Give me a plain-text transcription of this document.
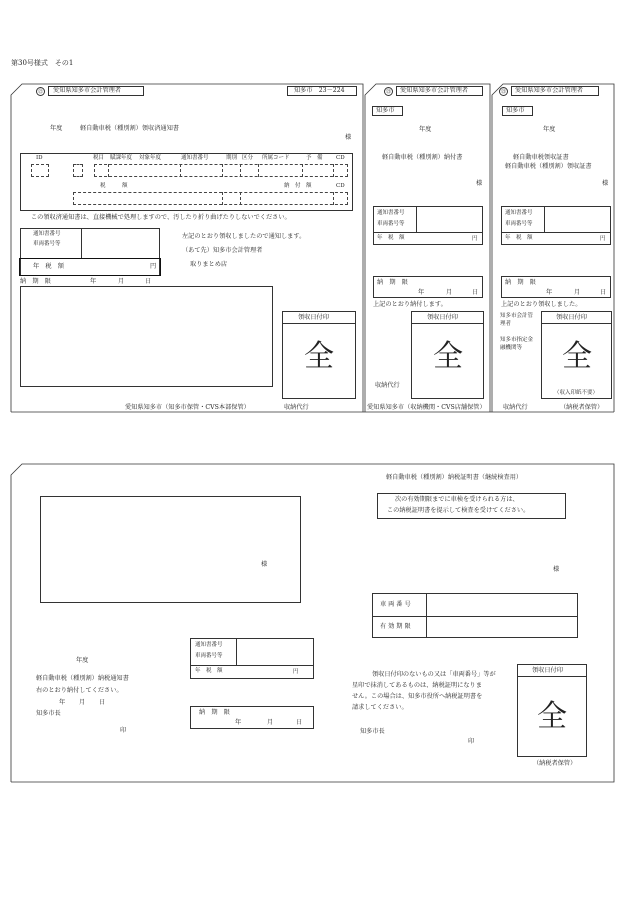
第30号様式　その1
㉒	愛知県知多市会計管理者	知多市　23－224
年度	軽自動車税（種別割）領収済通知書
様
ID	税目 賦課年度 対象年度	通知書番号	期別 区分 所属コード	予　備 CD
税　　　額	納　付　額	CD
この領収済通知書は、直接機械で処理しますので、汚したり折り曲げたりしないでください。
通知書番号
車両番号等
年　税　額	円
納　期　限	年	月	日
左記のとおり領収しましたので通知します。
（あて先）知多市会計管理者
取りまとめ店
領収日付印
全
愛知県知多市（知多市保管・CVS本部保管）	収納代行
㉓	愛知県知多市会計管理者
知多市
年度
軽自動車税（種別割）納付書
様
通知書番号
車両番号等
年　税　額	円
納　期　限
年	月	日
上記のとおり納付します。
領収日付印
全
収納代行
愛知県知多市（収納機関・CVS店舗保管）
㉓	愛知県知多市会計管理者
知多市
年度
軽自動車税領収証書
軽自動車税（種別割）領収証書
様
通知書番号
車両番号等
年　税　額	円
納　期　限
年	月	日
上記のとおり領収しました。
知多市会計管
理者
知多市指定金
融機関等
領収日付印
全
（収入印紙不要）
収納代行	（納税者保管）
軽自動車税（種別割）納税証明書（継続検査用）
次の有効期限までに車検を受けられる方は、
この納税証明書を提示して検査を受けてください。
様
様
車 両 番 号
有 効 期 限
通知書番号
車両番号等
年　税　額	円
年度
軽自動車税（種別割）納税通知書
右のとおり納付してください。
年 月 日
知多市長
印
納　期　限
年	月	日
領収日付印のないもの又は「車両番号」等が
星印で抹消してあるものは、納税証明になりま
せん。この場合は、知多市役所へ納税証明書を
請求してください。
知多市長
印
領収日付印
全
（納税者保管）
